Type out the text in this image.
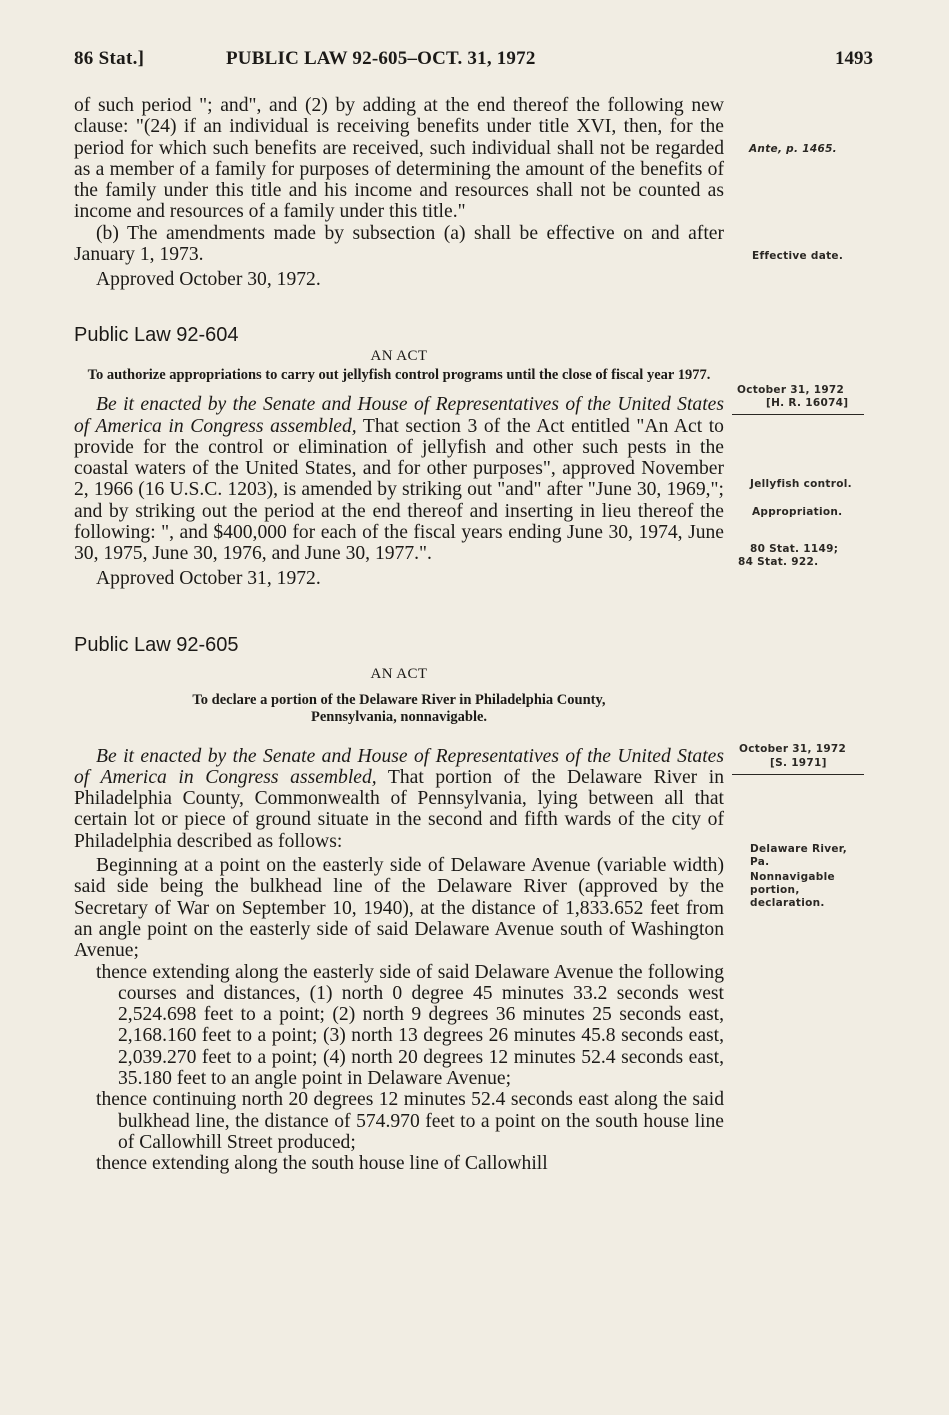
86 Stat.]	PUBLIC LAW 92-605–OCT. 31, 1972	1493

of such period "; and", and (2) by adding at the end thereof the following new clause: "(24) if an individual is receiving benefits under title XVI, then, for the period for which such benefits are received, such individual shall not be regarded as a member of a family for purposes of determining the amount of the benefits of the family under this title and his income and resources shall not be counted as income and resources of a family under this title."

(b) The amendments made by subsection (a) shall be effective on and after January 1, 1973.

Approved October 30, 1972.

Public Law 92-604

AN ACT

To authorize appropriations to carry out jellyfish control programs until the close of fiscal year 1977.

Be it enacted by the Senate and House of Representatives of the United States of America in Congress assembled, That section 3 of the Act entitled "An Act to provide for the control or elimination of jellyfish and other such pests in the coastal waters of the United States, and for other purposes", approved November 2, 1966 (16 U.S.C. 1203), is amended by striking out "and" after "June 30, 1969,"; and by striking out the period at the end thereof and inserting in lieu thereof the following: ", and $400,000 for each of the fiscal years ending June 30, 1974, June 30, 1975, June 30, 1976, and June 30, 1977.".

Approved October 31, 1972.

Public Law 92-605

AN ACT

To declare a portion of the Delaware River in Philadelphia County,

Pennsylvania, nonnavigable.

Be it enacted by the Senate and House of Representatives of the United States of America in Congress assembled, That portion of the Delaware River in Philadelphia County, Commonwealth of Pennsylvania, lying between all that certain lot or piece of ground situate in the second and fifth wards of the city of Philadelphia described as follows:

Beginning at a point on the easterly side of Delaware Avenue (variable width) said side being the bulkhead line of the Delaware River (approved by the Secretary of War on September 10, 1940), at the distance of 1,833.652 feet from an angle point on the easterly side of said Delaware Avenue south of Washington Avenue;

thence extending along the easterly side of said Delaware Avenue the following courses and distances, (1) north 0 degree 45 minutes 33.2 seconds west 2,524.698 feet to a point; (2) north 9 degrees 36 minutes 25 seconds east, 2,168.160 feet to a point; (3) north 13 degrees 26 minutes 45.8 seconds east, 2,039.270 feet to a point; (4) north 20 degrees 12 minutes 52.4 seconds east, 35.180 feet to an angle point in Delaware Avenue;

thence continuing north 20 degrees 12 minutes 52.4 seconds east along the said bulkhead line, the distance of 574.970 feet to a point on the south house line of Callowhill Street produced;

thence extending along the south house line of Callowhill

Ante, p. 1465.
Effective date.
October 31, 1972
[H. R. 16074]
Jellyfish control.
Appropriation.
80 Stat. 1149;
84 Stat. 922.
October 31, 1972
[S. 1971]
Delaware River, Pa.
Nonnavigable portion, declaration.
